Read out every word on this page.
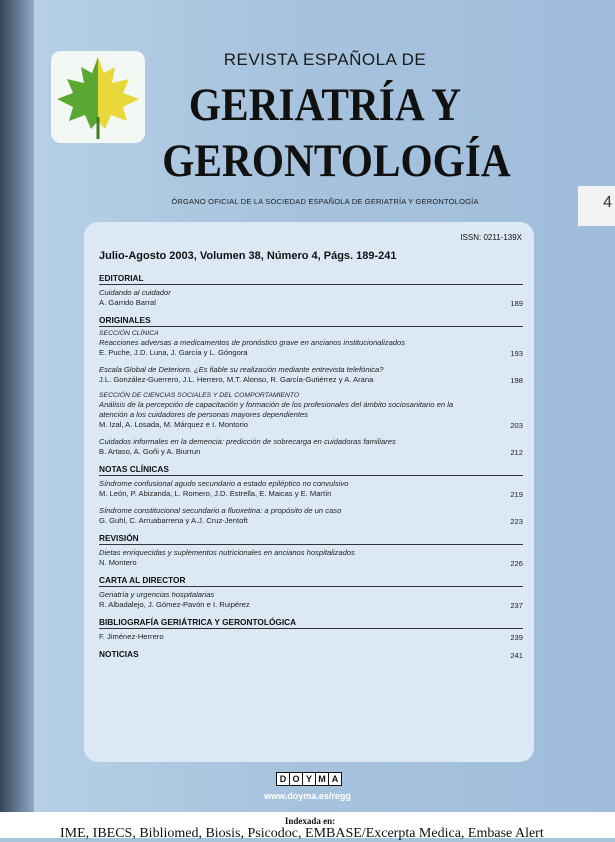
4
REVISTA ESPAÑOLA DE
GERIATRÍA Y
GERONTOLOGÍA
ÓRGANO OFICIAL DE LA SOCIEDAD ESPAÑOLA DE GERIATRÍA Y GERONTOLOGÍA
ISSN: 0211-139X
Julio-Agosto 2003, Volumen 38, Número 4, Págs. 189-241
EDITORIAL
Cuidando al cuidador
A. Garrido Barral	189
ORIGINALES
SECCIÓN CLÍNICA
Reacciones adversas a medicamentos de pronóstico grave en ancianos institucionalizados
E. Puche, J.D. Luna, J. García y L. Góngora	193
Escala Global de Deterioro. ¿Es fiable su realización mediante entrevista telefónica?
J.L. González-Guerrero, J.L. Herrero, M.T. Alonso, R. García-Gutiérrez y A. Arana	198
SECCIÓN DE CIENCIAS SOCIALES Y DEL COMPORTAMIENTO
Análisis de la percepción de capacitación y formación de los profesionales del ámbito sociosanitario en la atención a los cuidadores de personas mayores dependientes
M. Izal, A. Losada, M. Márquez e I. Montorio	203
Cuidados informales en la demencia: predicción de sobrecarga en cuidadoras familiares
B. Artaso, A. Goñi y A. Biurrun	212
NOTAS CLÍNICAS
Síndrome confusional agudo secundario a estado epiléptico no convulsivo
M. León, P. Abizanda, L. Romero, J.D. Estrella, E. Maicas y E. Martín	219
Síndrome constitucional secundario a fluoxetina: a propósito de un caso
G. Guhl, C. Arruabarrena y A.J. Cruz-Jentoft	223
REVISIÓN
Dietas enriquecidas y suplementos nutricionales en ancianos hospitalizados
N. Montero	226
CARTA AL DIRECTOR
Geriatría y urgencias hospitalarias
R. Albadalejo, J. Gómez-Pavón e I. Ruipérez	237
BIBLIOGRAFÍA GERIÁTRICA Y GERONTOLÓGICA
F. Jiménez-Herrero	239
NOTICIAS	241
D O Y M A
www.doyma.es/regg
Indexada en:
IME, IBECS, Bibliomed, Biosis, Psicodoc, EMBASE/Excerpta Medica, Embase Alert
